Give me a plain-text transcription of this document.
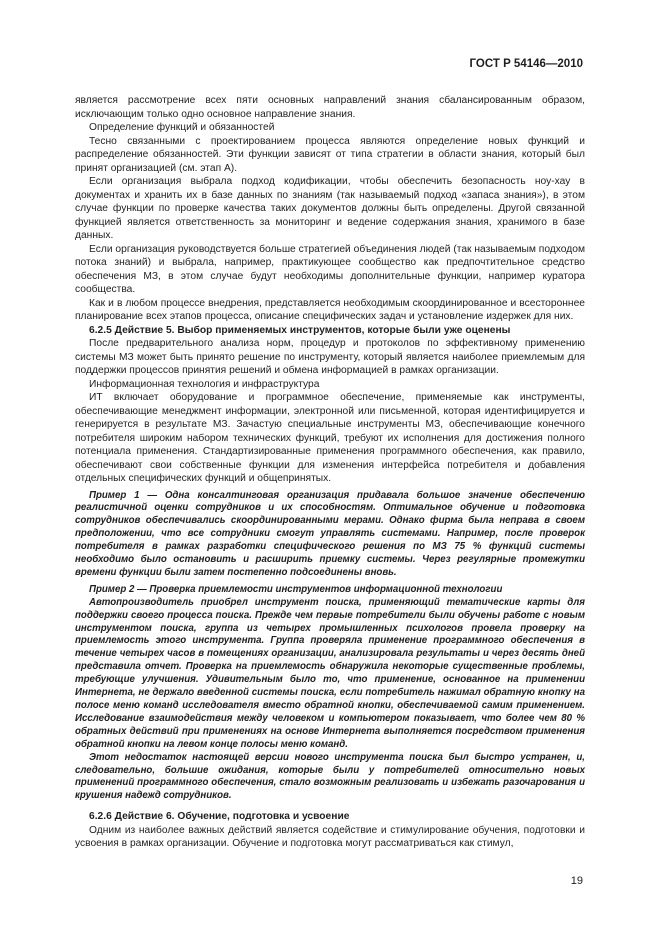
ГОСТ Р 54146—2010

является рассмотрение всех пяти основных направлений знания сбалансированным образом, исключающим только одно основное направление знания.

Определение функций и обязанностей

Тесно связанными с проектированием процесса являются определение новых функций и распределение обязанностей. Эти функции зависят от типа стратегии в области знания, который был принят организацией (см. этап А).

Если организация выбрала подход кодификации, чтобы обеспечить безопасность ноу-хау в документах и хранить их в базе данных по знаниям (так называемый подход «запаса знания»), в этом случае функции по проверке качества таких документов должны быть определены. Другой связанной функцией является ответственность за мониторинг и ведение содержания знания, хранимого в базе данных.

Если организация руководствуется больше стратегией объединения людей (так называемым подходом потока знаний) и выбрала, например, практикующее сообщество как предпочтительное средство обеспечения МЗ, в этом случае будут необходимы дополнительные функции, например куратора сообщества.

Как и в любом процессе внедрения, представляется необходимым скоординированное и всестороннее планирование всех этапов процесса, описание специфических задач и установление издержек для них.

6.2.5 Действие 5. Выбор применяемых инструментов, которые были уже оценены

После предварительного анализа норм, процедур и протоколов по эффективному применению системы МЗ может быть принято решение по инструменту, который является наиболее приемлемым для поддержки процессов принятия решений и обмена информацией в рамках организации.

Информационная технология и инфраструктура

ИТ включает оборудование и программное обеспечение, применяемые как инструменты, обеспечивающие менеджмент информации, электронной или письменной, которая идентифицируется и генерируется в результате МЗ. Зачастую специальные инструменты МЗ, обеспечивающие конечного потребителя широким набором технических функций, требуют их исполнения для достижения полного потенциала применения. Стандартизированные применения программного обеспечения, как правило, обеспечивают свои собственные функции для изменения интерфейса потребителя и добавления отдельных специфических функций и общепринятых.

Пример 1 — Одна консалтинговая организация придавала большое значение обеспечению реалистичной оценки сотрудников и их способностям. Оптимальное обучение и подготовка сотрудников обеспечивались скоординированными мерами. Однако фирма была неправа в своем предположении, что все сотрудники смогут управлять системами. Например, после проверок потребителя в рамках разработки специфического решения по МЗ 75 % функций системы необходимо было остановить и расширить приемку системы. Через регулярные промежутки времени функции были затем постепенно подсоединены вновь.

Пример 2 — Проверка приемлемости инструментов информационной технологии

Автопроизводитель приобрел инструмент поиска, применяющий тематические карты для поддержки своего процесса поиска. Прежде чем первые потребители были обучены работе с новым инструментом поиска, группа из четырех промышленных психологов провела проверку на приемлемость этого инструмента. Группа проверяла применение программного обеспечения в течение четырех часов в помещениях организации, анализировала результаты и через десять дней представила отчет. Проверка на приемлемость обнаружила некоторые существенные проблемы, требующие улучшения. Удивительным было то, что применение, основанное на применении Интернета, не держало введенной системы поиска, если потребитель нажимал обратную кнопку на полосе меню команд исследователя вместо обратной кнопки, обеспечиваемой самим применением. Исследование взаимодействия между человеком и компьютером показывает, что более чем 80 % обратных действий при применениях на основе Интернета выполняется посредством применения обратной кнопки на левом конце полосы меню команд.

Этот недостаток настоящей версии нового инструмента поиска был быстро устранен, и, следовательно, большие ожидания, которые были у потребителей относительно новых применений программного обеспечения, стало возможным реализовать и избежать разочарования и крушения надежд сотрудников.

6.2.6 Действие 6. Обучение, подготовка и усвоение

Одним из наиболее важных действий является содействие и стимулирование обучения, подготовки и усвоения в рамках организации. Обучение и подготовка могут рассматриваться как стимул,

19
